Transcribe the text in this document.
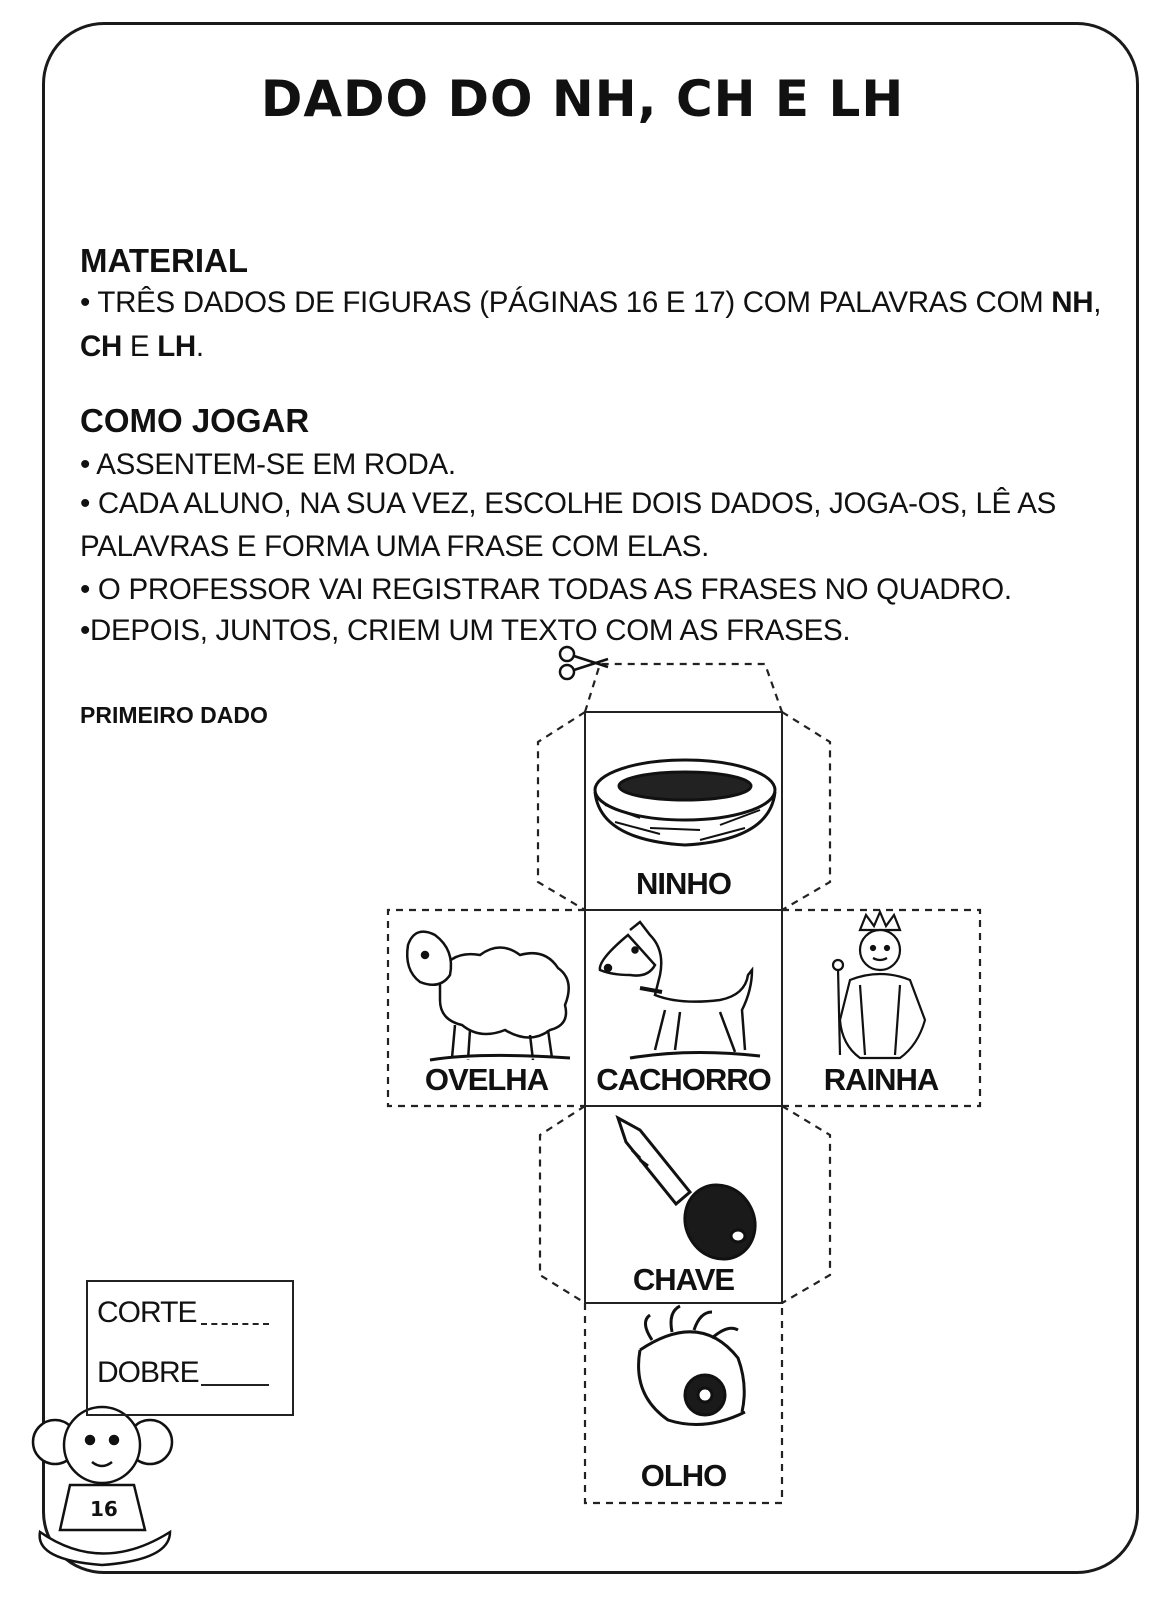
DADO DO NH, CH E LH
MATERIAL
• TRÊS DADOS DE FIGURAS (PÁGINAS 16 E 17) COM PALAVRAS COM NH,
CH E LH.
COMO JOGAR
• ASSENTEM-SE EM RODA.
• CADA ALUNO, NA SUA VEZ, ESCOLHE DOIS DADOS, JOGA-OS, LÊ AS
PALAVRAS E FORMA UMA FRASE COM ELAS.
• O PROFESSOR VAI REGISTRAR TODAS AS FRASES NO QUADRO.
•DEPOIS, JUNTOS, CRIEM UM TEXTO COM AS FRASES.
PRIMEIRO DADO
NINHO
OVELHA	CACHORRO	RAINHA
CHAVE
OLHO
CORTE
DOBRE
16
